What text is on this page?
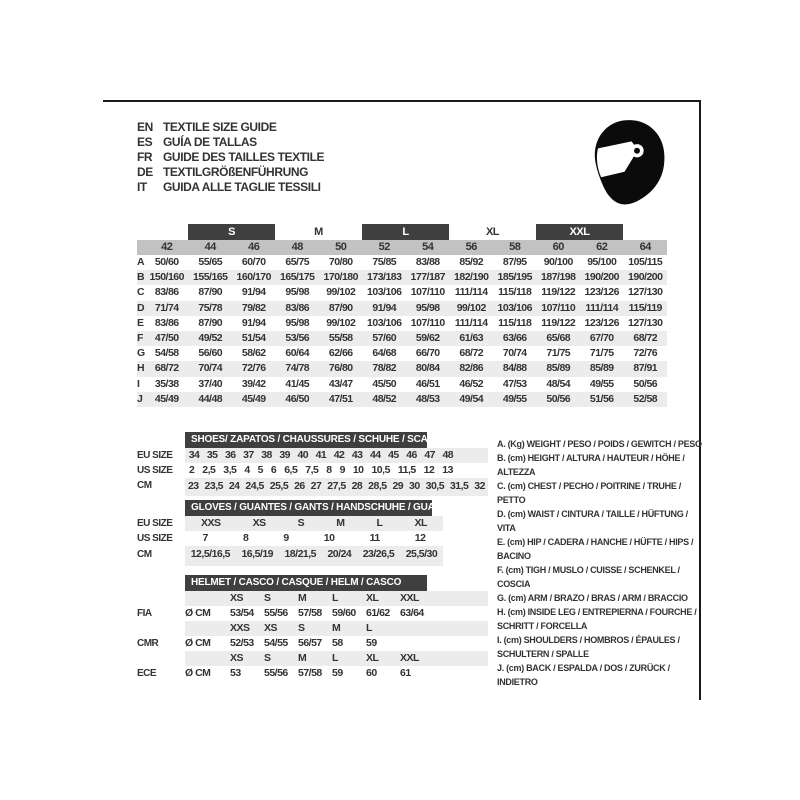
EN TEXTILE SIZE GUIDE
ES GUÍA DE TALLAS
FR GUIDE DES TAILLES TEXTILE
DE TEXTILGRÖßENFÜHRUNG
IT	GUIDA ALLE TAGLIE TESSILI
S	M	L	XL	XXL
42	44	46	48	50	52	54	56	58	60	62	64
A	50/60	55/65	60/70	65/75	70/80	75/85	83/88	85/92	87/95	90/100	95/100	105/115
B 150/160 155/165 160/170 165/175 170/180 173/183 177/187 182/190 185/195 187/198 190/200 190/200
C	83/86	87/90	91/94	95/98	99/102	103/106 107/110 111/114 115/118 119/122 123/126 127/130
D	71/74	75/78	79/82	83/86	87/90	91/94	95/98	99/102	103/106 107/110 111/114 115/119
E	83/86	87/90	91/94	95/98	99/102	103/106 107/110 111/114 115/118 119/122 123/126 127/130
F	47/50	49/52	51/54	53/56	55/58	57/60	59/62	61/63	63/66	65/68	67/70	68/72
G 54/58	56/60	58/62	60/64	62/66	64/68	66/70	68/72	70/74	71/75	71/75	72/76
H	68/72	70/74	72/76	74/78	76/80	78/82	80/84	82/86	84/88	85/89	85/89	87/91
I	35/38	37/40	39/42	41/45	43/47	45/50	46/51	46/52	47/53	48/54	49/55	50/56
J	45/49	44/48	45/49	46/50	47/51	48/52	48/53	49/54	49/55	50/56	51/56	52/58
SHOES/ ZAPATOS / CHAUSSURES / SCHUHE / SCARPE
EU SIZE	34 35 36 37 38 39 40 41 42 43 44 45 46 47 48
US SIZE	2 2,5 3,5 4 5 6 6,5 7,5 8 9 10 10,5 11,5 12 13
CM	23 23,5 24 24,5 25,5 26 27 27,5 28 28,5 29 30 30,5 31,5 32
GLOVES / GUANTES / GANTS / HANDSCHUHE / GUANTI
EU SIZE	XXS	XS	S	M	L	XL
US SIZE	7	8	9	10	11	12
CM	12,5/16,5 16,5/19 18/21,5 20/24 23/26,5 25,5/30
HELMET / CASCO / CASQUE / HELM / CASCO
XS	S	M	L	XL	XXL
FIA	Ø CM	53/54 55/56 57/58 59/60 61/62 63/64
XXS	XS	S	M	L
CMR	Ø CM	52/53 54/55 56/57 58	59
XS	S	M	L	XL	XXL
ECE	Ø CM	53	55/56 57/58 59	60	61
A. (Kg) WEIGHT / PESO / POIDS / GEWITCH / PESO
B. (cm) HEIGHT / ALTURA / HAUTEUR / HÖHE / ALTEZZA
C. (cm) CHEST / PECHO / POITRINE / TRUHE / PETTO
D. (cm) WAIST / CINTURA / TAILLE / HÜFTUNG / VITA
E. (cm) HIP / CADERA / HANCHE / HÜFTE / HIPS / BACINO
F. (cm) TIGH / MUSLO / CUISSE / SCHENKEL / COSCIA
G. (cm) ARM / BRAZO / BRAS / ARM / BRACCIO
H. (cm) INSIDE LEG / ENTREPIERNA / FOURCHE / SCHRITT / FORCELLA
I. (cm) SHOULDERS / HOMBROS / ÉPAULES / SCHULTERN / SPALLE
J. (cm) BACK / ESPALDA / DOS / ZURÜCK / INDIETRO
